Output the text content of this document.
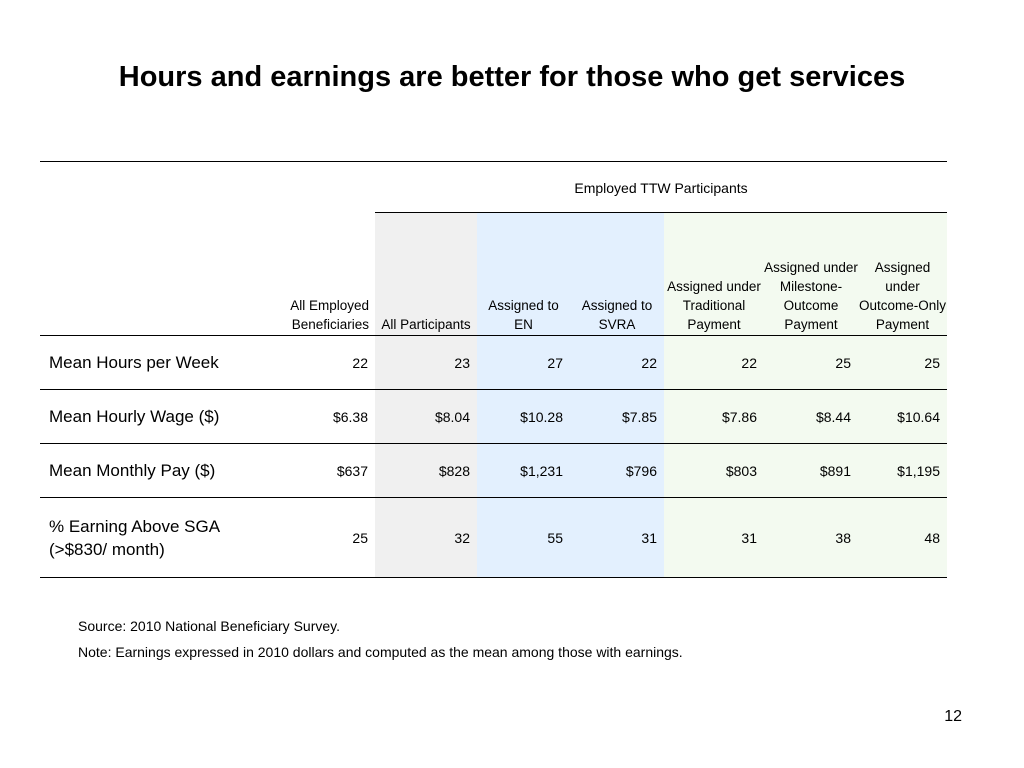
Hours and earnings are better for those who get services
		Employed TTW Participants					
	All Employed Beneficiaries	All Participants	Assigned to EN	Assigned to SVRA	Assigned under Traditional Payment	Assigned under Milestone-Outcome Payment	Assigned under Outcome-Only Payment
Mean Hours per Week	22	23	27	22	22	25	25
Mean Hourly Wage ($)	$6.38	$8.04	$10.28	$7.85	$7.86	$8.44	$10.64
Mean Monthly Pay ($)	$637	$828	$1,231	$796	$803	$891	$1,195
% Earning Above SGA (>$830/ month)	25	32	55	31	31	38	48
Source: 2010 National Beneficiary Survey.
Note: Earnings expressed in 2010 dollars and computed as the mean among those with earnings.
12
